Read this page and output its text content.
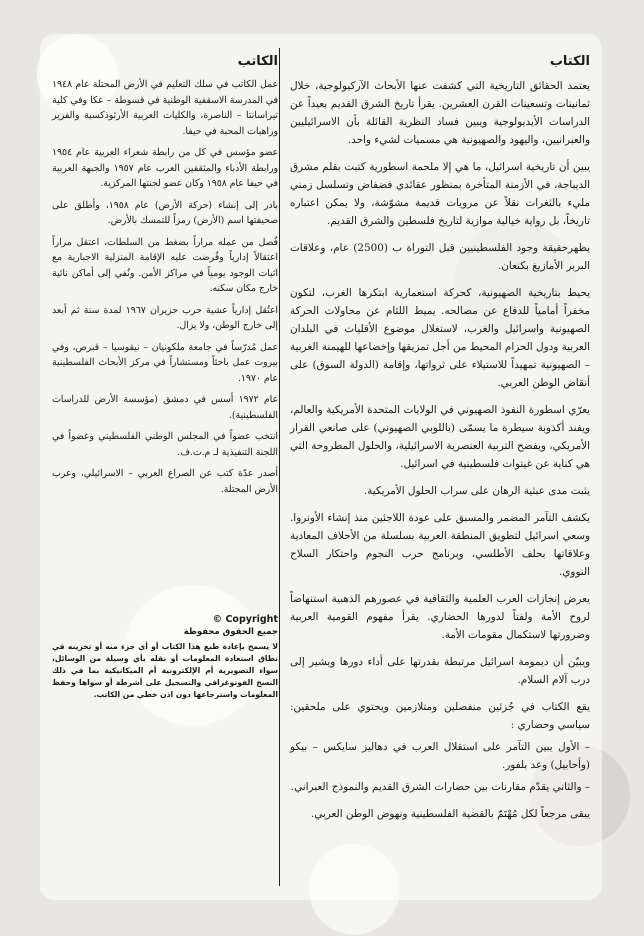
الكتاب

يعتمد الحقائق التاريخية التي كشفت عنها الأبحاث الآركيولوجية، خلال ثمانينات وتسعينات القرن العشرين. يقرأ تاريخ الشرق القديم بعيداً عن الدراسات الأيديولوجية ويبين فساد النظرية القائلة بأن الاسرائيليين والعبرانيين، واليهود والصهيونية هي مسميات لشيء واحد.

يبين أن تاريخية اسرائيل، ما هي إلا ملحمة اسطورية كتبت بقلم مشرق الديباجة، في الأزمنة المتأخرة بمنظور عقائدي فضفاض وتسلسل زمني مليء بالثغرات نقلاً عن مرويات قديمة مشوّشة، ولا يمكن اعتباره تاريخاً، بل رواية خيالية موازية لتاريخ فلسطين والشرق القديم.

يظهرحقيقة وجود الفلسطينيين قبل التوراة ب (2500) عام، وعلاقات البربر الأمازيغ بكنعان.

يحيط بتاريخية الصهيونية، كحركة استعمارية ابتكرها الغرب، لتكون مخفراً أمامياً للدفاع عن مصالحه. يميط اللثام عن محاولات الحركة الصهيونية واسرائيل والغرب، لاستغلال موضوع الأقليات في البلدان العربية ودول الحزام المحيط من أجل تمزيقها وإخضاعها للهيمنة الغربية – الصهيونية تمهيداً للاستيلاء على ثرواتها، وإقامة (الدولة السوق) على أنقاض الوطن العربي.

يعرّي اسطورة النفوذ الصهيوني في الولايات المتحدة الأمريكية والعالم، ويفند أكذوبة سيطرة ما يسمّى (باللوبي الصهيوني) على صانعي القرار الأمريكي، ويفضح التربية العنصرية الاسرائيلية، والحلول المطروحة التي هي كناية عن غيتوات فلسطينية في اسرائيل.

يثبت مدى عبثية الرهان على سراب الحلول الأمريكية.

يكشف التآمر المضمر والمسبق على عودة اللاجئين منذ إنشاء الأونروا. وسعي اسرائيل لتطويق المنطقة العربية بسلسلة من الأحلاف المعادية وعلاقاتها بحلف الأطلسي، وبرنامج حرب النجوم واحتكار السلاح النووي.

يعرض إنجازات العرب العلمية والثقافية في عصورهم الذهبية استنهاضاً لروح الأمة ولفتاً لدورها الحضاري. يقرأ مفهوم القومية العربية وضرورتها لاستكمال مقومات الأمة.

ويبيّن أن ديمومة اسرائيل مرتبطة بقدرتها على أداء دورها ويشير إلى درب آلام السلام.

يقع الكتاب في جُزئين منفصلين ومتلازمين ويحتوي على ملحقين: سياسي وحضاري :

– الأول يبين التآمر على استقلال العرب في دهاليز سايكس – بيكو (وأحابيل) وعد بلفور.

– والثاني يقدّم مقارنات بين حضارات الشرق القديم والنموذج العبراني.

يبقى مرجعاً لكل مُهْتَمّ بالقضية الفلسطينية ونهوض الوطن العربي.

الكاتب

عمل الكاتب في سلك التعليم في الأرض المحتلة عام ١٩٤٨ في المدرسة الاسقفية الوطنية في قسوطة – عكا وفي كلية تيراسانتا – الناصرة، والكليات العربية الأرثوذكسية والفرير وراهبات المحبة في حيفا.

عضو مؤسس في كل من رابطة شعراء العربية عام ١٩٥٤ ورابطة الأدباء والمثقفين العرب عام ١٩٥٧ والجبهة العربية في حيفا عام ١٩٥٨ وكان عضو لجنتها المركزية.

بادر إلى إنشاء (حركة الأرض) عام ١٩٥٨، وأطلق على صحيفتها اسم (الأرض) رمزاً للتمسك بالأرض.

فُصل من عمله مراراً بضغط من السلطات، اعتقل مراراً اعتقالاً إدارياً وفُرضت عليه الإقامة المنزلية الاجبارية مع اثبات الوجود يومياً في مراكز الأمن. ونُفي إلى أماكن نائية خارج مكان سكنه.

اعتُقل إدارياً عشية حرب حزيران ١٩٦٧ لمدة سنة ثم أبعد إلى خارج الوطن، ولا يزال.

عمل مُدرّساً في جامعة ملكونيان – نيقوسيا – قبرص، وفي بيروت عمل باحثاً ومستشاراً في مركز الأبحاث الفلسطينية عام ١٩٧٠.

عام ١٩٧٢ أسس في دمشق (مؤسسة الأرض للدراسات الفلسطينية).

انتخب عضواً في المجلس الوطني الفلسطيني وعضواً في اللجنة التنفيذية لـ م.ت.ف.

أصدر عدّة كتب عن الصراع العربي – الاسرائيلي، وعرب الأرض المحتلة.

© Copyright

جميع الحقوق محفوظة

لا يسمح بإعادة طبع هذا الكتاب أو أي جزء منه أو تخزينه في نطاق استعادة المعلومات أو نقله بأي وسيلة من الوسائل، سواء التصويرية أم الإلكترونية أم الميكانيكية بما في ذلك النسخ الفوتوغرافي والتسجيل على أشرطة أو سواها وحفظ المعلومات واسترجاعها دون اذن خطي من الكاتب.
